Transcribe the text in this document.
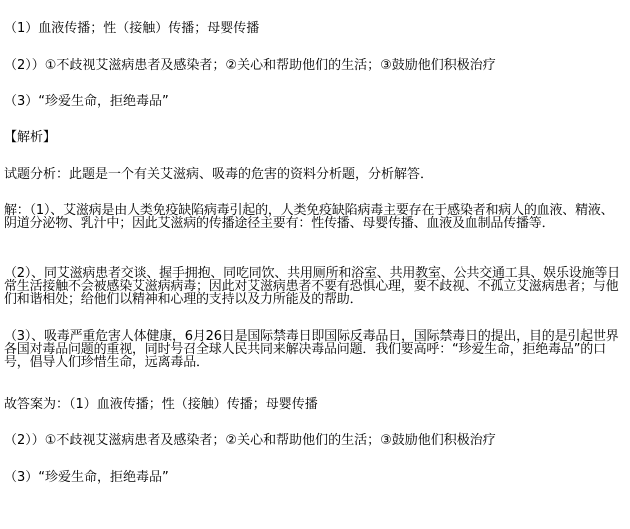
（1）血液传播；性（接触）传播；母婴传播

（2））①不歧视艾滋病患者及感染者；②关心和帮助他们的生活；③鼓励他们积极治疗

（3）“珍爱生命，拒绝毒品”

【解析】

试题分析：此题是一个有关艾滋病、吸毒的危害的资料分析题，分析解答．

解：（1）、艾滋病是由人类免疫缺陷病毒引起的，人类免疫缺陷病毒主要存在于感染者和病人的血液、精液、阴道分泌物、乳汁中；因此艾滋病的传播途径主要有：性传播、母婴传播、血液及血制品传播等．

（2）、同艾滋病患者交谈、握手拥抱、同吃同饮、共用厕所和浴室、共用教室、公共交通工具、娱乐设施等日常生活接触不会被感染艾滋病病毒；因此对艾滋病患者不要有恐惧心理，要不歧视、不孤立艾滋病患者；与他们和谐相处；给他们以精神和心理的支持以及力所能及的帮助．

（3）、吸毒严重危害人体健康，6月26日是国际禁毒日即国际反毒品日，国际禁毒日的提出，目的是引起世界各国对毒品问题的重视，同时号召全球人民共同来解决毒品问题．我们要高呼：“珍爱生命，拒绝毒品”的口号，倡导人们珍惜生命，远离毒品．

故答案为：（1）血液传播；性（接触）传播；母婴传播

（2））①不歧视艾滋病患者及感染者；②关心和帮助他们的生活；③鼓励他们积极治疗

（3）“珍爱生命，拒绝毒品”
